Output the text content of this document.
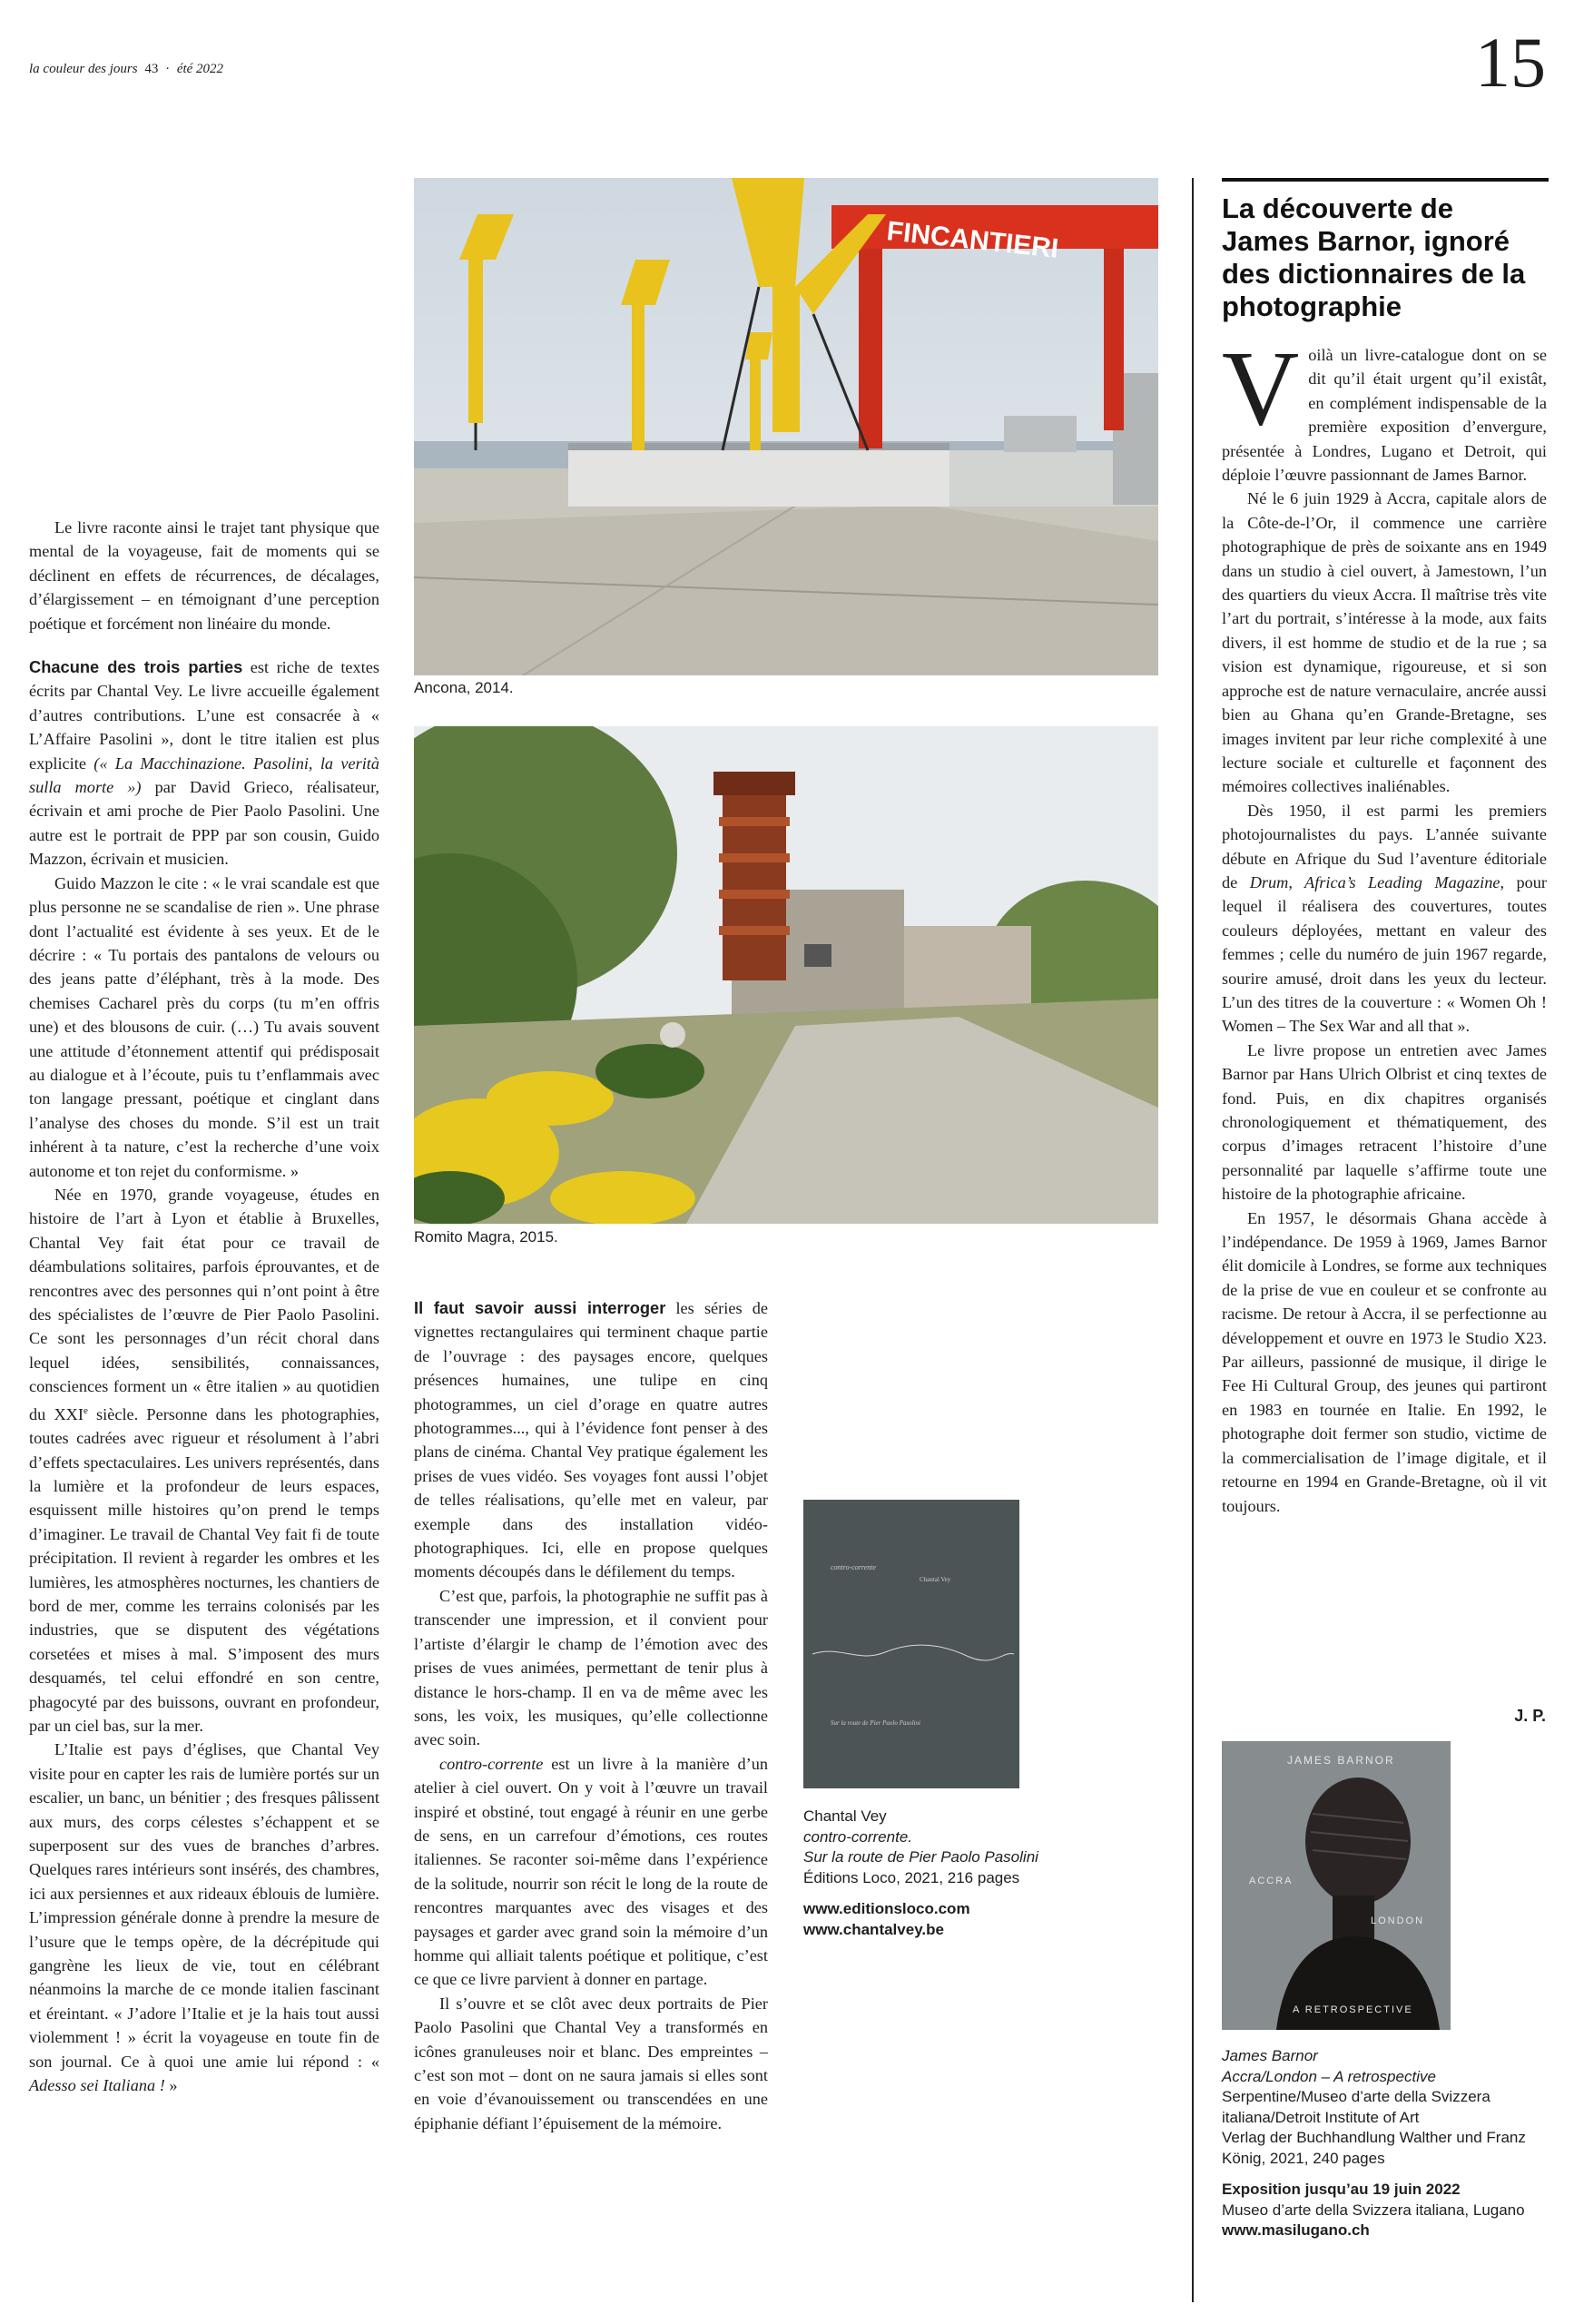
la couleur des jours 43 · été 2022	15

Le livre raconte ainsi le trajet tant physique que mental de la voyageuse, fait de moments qui se déclinent en effets de récurrences, de décalages, d’élargissement – en témoignant d’une perception poétique et forcément non linéaire du monde.

Chacune des trois parties est riche de textes écrits par Chantal Vey. Le livre accueille également d’autres contributions. L’une est consacrée à « L’Affaire Pasolini », dont le titre italien est plus explicite (« La Macchinazione. Pasolini, la verità sulla morte ») par David Grieco, réalisateur, écrivain et ami proche de Pier Paolo Pasolini. Une autre est le portrait de PPP par son cousin, Guido Mazzon, écrivain et musicien.

Guido Mazzon le cite : « le vrai scandale est que plus personne ne se scandalise de rien ». Une phrase dont l’actualité est évidente à ses yeux. Et de le décrire : « Tu portais des pantalons de velours ou des jeans patte d’éléphant, très à la mode. Des chemises Cacharel près du corps (tu m’en offris une) et des blousons de cuir. (…) Tu avais souvent une attitude d’étonnement attentif qui prédisposait au dialogue et à l’écoute, puis tu t’enflammais avec ton langage pressant, poétique et cinglant dans l’analyse des choses du monde. S’il est un trait inhérent à ta nature, c’est la recherche d’une voix autonome et ton rejet du conformisme. »

Née en 1970, grande voyageuse, études en histoire de l’art à Lyon et établie à Bruxelles, Chantal Vey fait état pour ce travail de déambulations solitaires, parfois éprouvantes, et de rencontres avec des personnes qui n’ont point à être des spécialistes de l’œuvre de Pier Paolo Pasolini. Ce sont les personnages d’un récit choral dans lequel idées, sensibilités, connaissances, consciences forment un « être italien » au quotidien du XXIe siècle. Personne dans les photographies, toutes cadrées avec rigueur et résolument à l’abri d’effets spectaculaires. Les univers représentés, dans la lumière et la profondeur de leurs espaces, esquissent mille histoires qu’on prend le temps d’imaginer. Le travail de Chantal Vey fait fi de toute précipitation. Il revient à regarder les ombres et les lumières, les atmosphères nocturnes, les chantiers de bord de mer, comme les terrains colonisés par les industries, que se disputent des végétations corsetées et mises à mal. S’imposent des murs desquamés, tel celui effondré en son centre, phagocyté par des buissons, ouvrant en profondeur, par un ciel bas, sur la mer.

L’Italie est pays d’églises, que Chantal Vey visite pour en capter les rais de lumière portés sur un escalier, un banc, un bénitier ; des fresques pâlissent aux murs, des corps célestes s’échappent et se superposent sur des vues de branches d’arbres. Quelques rares intérieurs sont insérés, des chambres, ici aux persiennes et aux rideaux éblouis de lumière. L’impression générale donne à prendre la mesure de l’usure que le temps opère, de la décrépitude qui gangrène les lieux de vie, tout en célébrant néanmoins la marche de ce monde italien fascinant et éreintant. « J’adore l’Italie et je la hais tout aussi violemment ! » écrit la voyageuse en toute fin de son journal. Ce à quoi une amie lui répond : « Adesso sei Italiana ! »

FINCANTIERI
Ancona, 2014.
Romito Magra, 2015.

Il faut savoir aussi interroger les séries de vignettes rectangulaires qui terminent chaque partie de l’ouvrage : des paysages encore, quelques présences humaines, une tulipe en cinq photogrammes, un ciel d’orage en quatre autres photogrammes..., qui à l’évidence font penser à des plans de cinéma. Chantal Vey pratique également les prises de vues vidéo. Ses voyages font aussi l’objet de telles réalisations, qu’elle met en valeur, par exemple dans des installation vidéo-photographiques. Ici, elle en propose quelques moments découpés dans le défilement du temps.

C’est que, parfois, la photographie ne suffit pas à transcender une impression, et il convient pour l’artiste d’élargir le champ de l’émotion avec des prises de vues animées, permettant de tenir plus à distance le hors-champ. Il en va de même avec les sons, les voix, les musiques, qu’elle collectionne avec soin.

contro-corrente est un livre à la manière d’un atelier à ciel ouvert. On y voit à l’œuvre un travail inspiré et obstiné, tout engagé à réunir en une gerbe de sens, en un carrefour d’émotions, ces routes italiennes. Se raconter soi-même dans l’expérience de la solitude, nourrir son récit le long de la route de rencontres marquantes avec des visages et des paysages et garder avec grand soin la mémoire d’un homme qui alliait talents poétique et politique, c’est ce que ce livre parvient à donner en partage.

Il s’ouvre et se clôt avec deux portraits de Pier Paolo Pasolini que Chantal Vey a transformés en icônes granuleuses noir et blanc. Des empreintes – c’est son mot – dont on ne saura jamais si elles sont en voie d’évanouissement ou transcendées en une épiphanie défiant l’épuisement de la mémoire.

contro-corrente
Chantal Vey
Sur la route de Pier Paolo Pasolini
Chantal Vey
contro-corrente.
Sur la route de Pier Paolo Pasolini
Éditions Loco, 2021, 216 pages
www.editionsloco.com
www.chantalvey.be
La découverte de James Barnor, ignoré des dictionnaires de la photographie

Voilà un livre-catalogue dont on se dit qu’il était urgent qu’il existât, en complément indispensable de la première exposition d’envergure, présentée à Londres, Lugano et Detroit, qui déploie l’œuvre passionnant de James Barnor.

Né le 6 juin 1929 à Accra, capitale alors de la Côte-de-l’Or, il commence une carrière photographique de près de soixante ans en 1949 dans un studio à ciel ouvert, à Jamestown, l’un des quartiers du vieux Accra. Il maîtrise très vite l’art du portrait, s’intéresse à la mode, aux faits divers, il est homme de studio et de la rue ; sa vision est dynamique, rigoureuse, et si son approche est de nature vernaculaire, ancrée aussi bien au Ghana qu’en Grande-Bretagne, ses images invitent par leur riche complexité à une lecture sociale et culturelle et façonnent des mémoires collectives inaliénables.

Dès 1950, il est parmi les premiers photojournalistes du pays. L’année suivante débute en Afrique du Sud l’aventure éditoriale de Drum, Africa’s Leading Magazine, pour lequel il réalisera des couvertures, toutes couleurs déployées, mettant en valeur des femmes ; celle du numéro de juin 1967 regarde, sourire amusé, droit dans les yeux du lecteur. L’un des titres de la couverture : « Women Oh ! Women – The Sex War and all that ».

Le livre propose un entretien avec James Barnor par Hans Ulrich Olbrist et cinq textes de fond. Puis, en dix chapitres organisés chronologiquement et thématiquement, des corpus d’images retracent l’histoire d’une personnalité par laquelle s’affirme toute une histoire de la photographie africaine.

En 1957, le désormais Ghana accède à l’indépendance. De 1959 à 1969, James Barnor élit domicile à Londres, se forme aux techniques de la prise de vue en couleur et se confronte au racisme. De retour à Accra, il se perfectionne au développement et ouvre en 1973 le Studio X23. Par ailleurs, passionné de musique, il dirige le Fee Hi Cultural Group, des jeunes qui partiront en 1983 en tournée en Italie. En 1992, le photographe doit fermer son studio, victime de la commercialisation de l’image digitale, et il retourne en 1994 en Grande-Bretagne, où il vit toujours.

J. P.
JAMES BARNOR
ACCRA
LONDON
A RETROSPECTIVE
James Barnor
Accra/London – A retrospective
Serpentine/Museo d’arte della Svizzera italiana/Detroit Institute of Art
Verlag der Buchhandlung Walther und Franz König, 2021, 240 pages
Exposition jusqu’au 19 juin 2022
Museo d’arte della Svizzera italiana, Lugano
www.masilugano.ch
